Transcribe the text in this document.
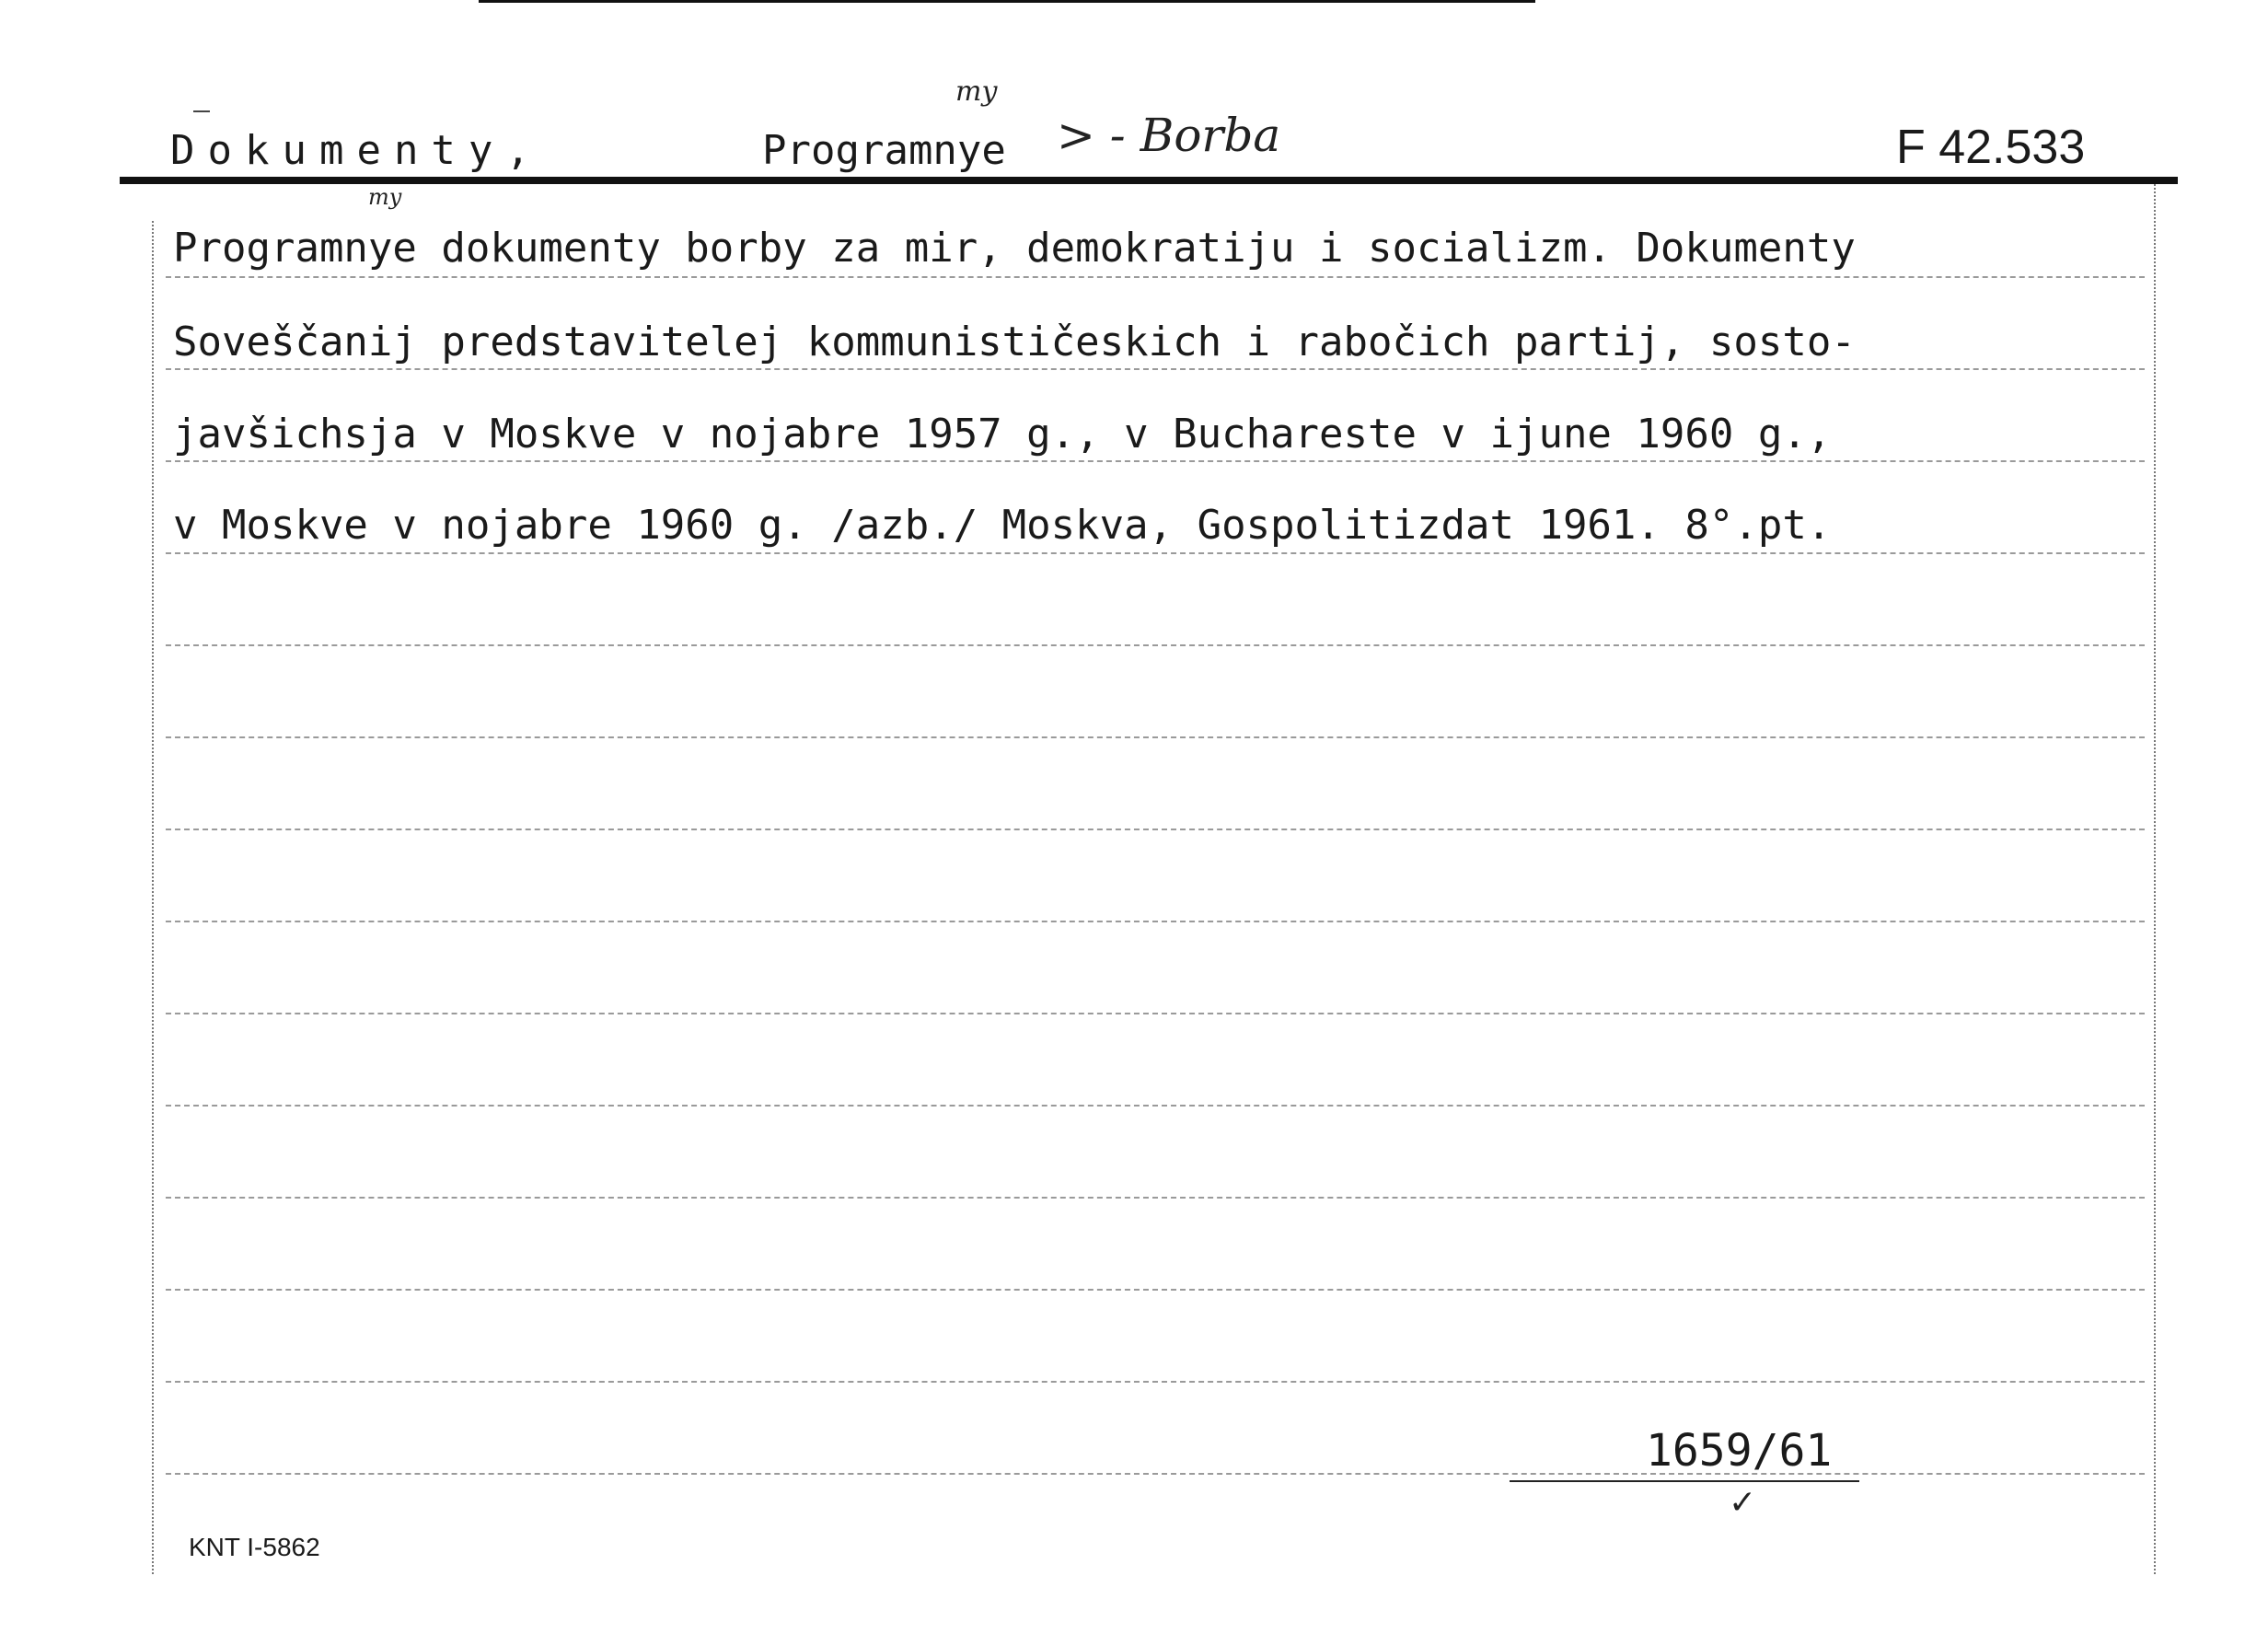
Dokumenty,	Programnye
my
> - Borba	F 42.533
my
Programnye dokumenty borby za mir, demokratiju i socializm. Dokumenty
Soveščanij predstavitelej kommunističeskich i rabočich partij, sosto-
javšichsja v Moskve v nojabre 1957 g., v Buchareste v ijune 1960 g.,
v Moskve v nojabre 1960 g. /azb./ Moskva, Gospolitizdat 1961. 8°.pt.
1659/61
✓
KNT I-5862
